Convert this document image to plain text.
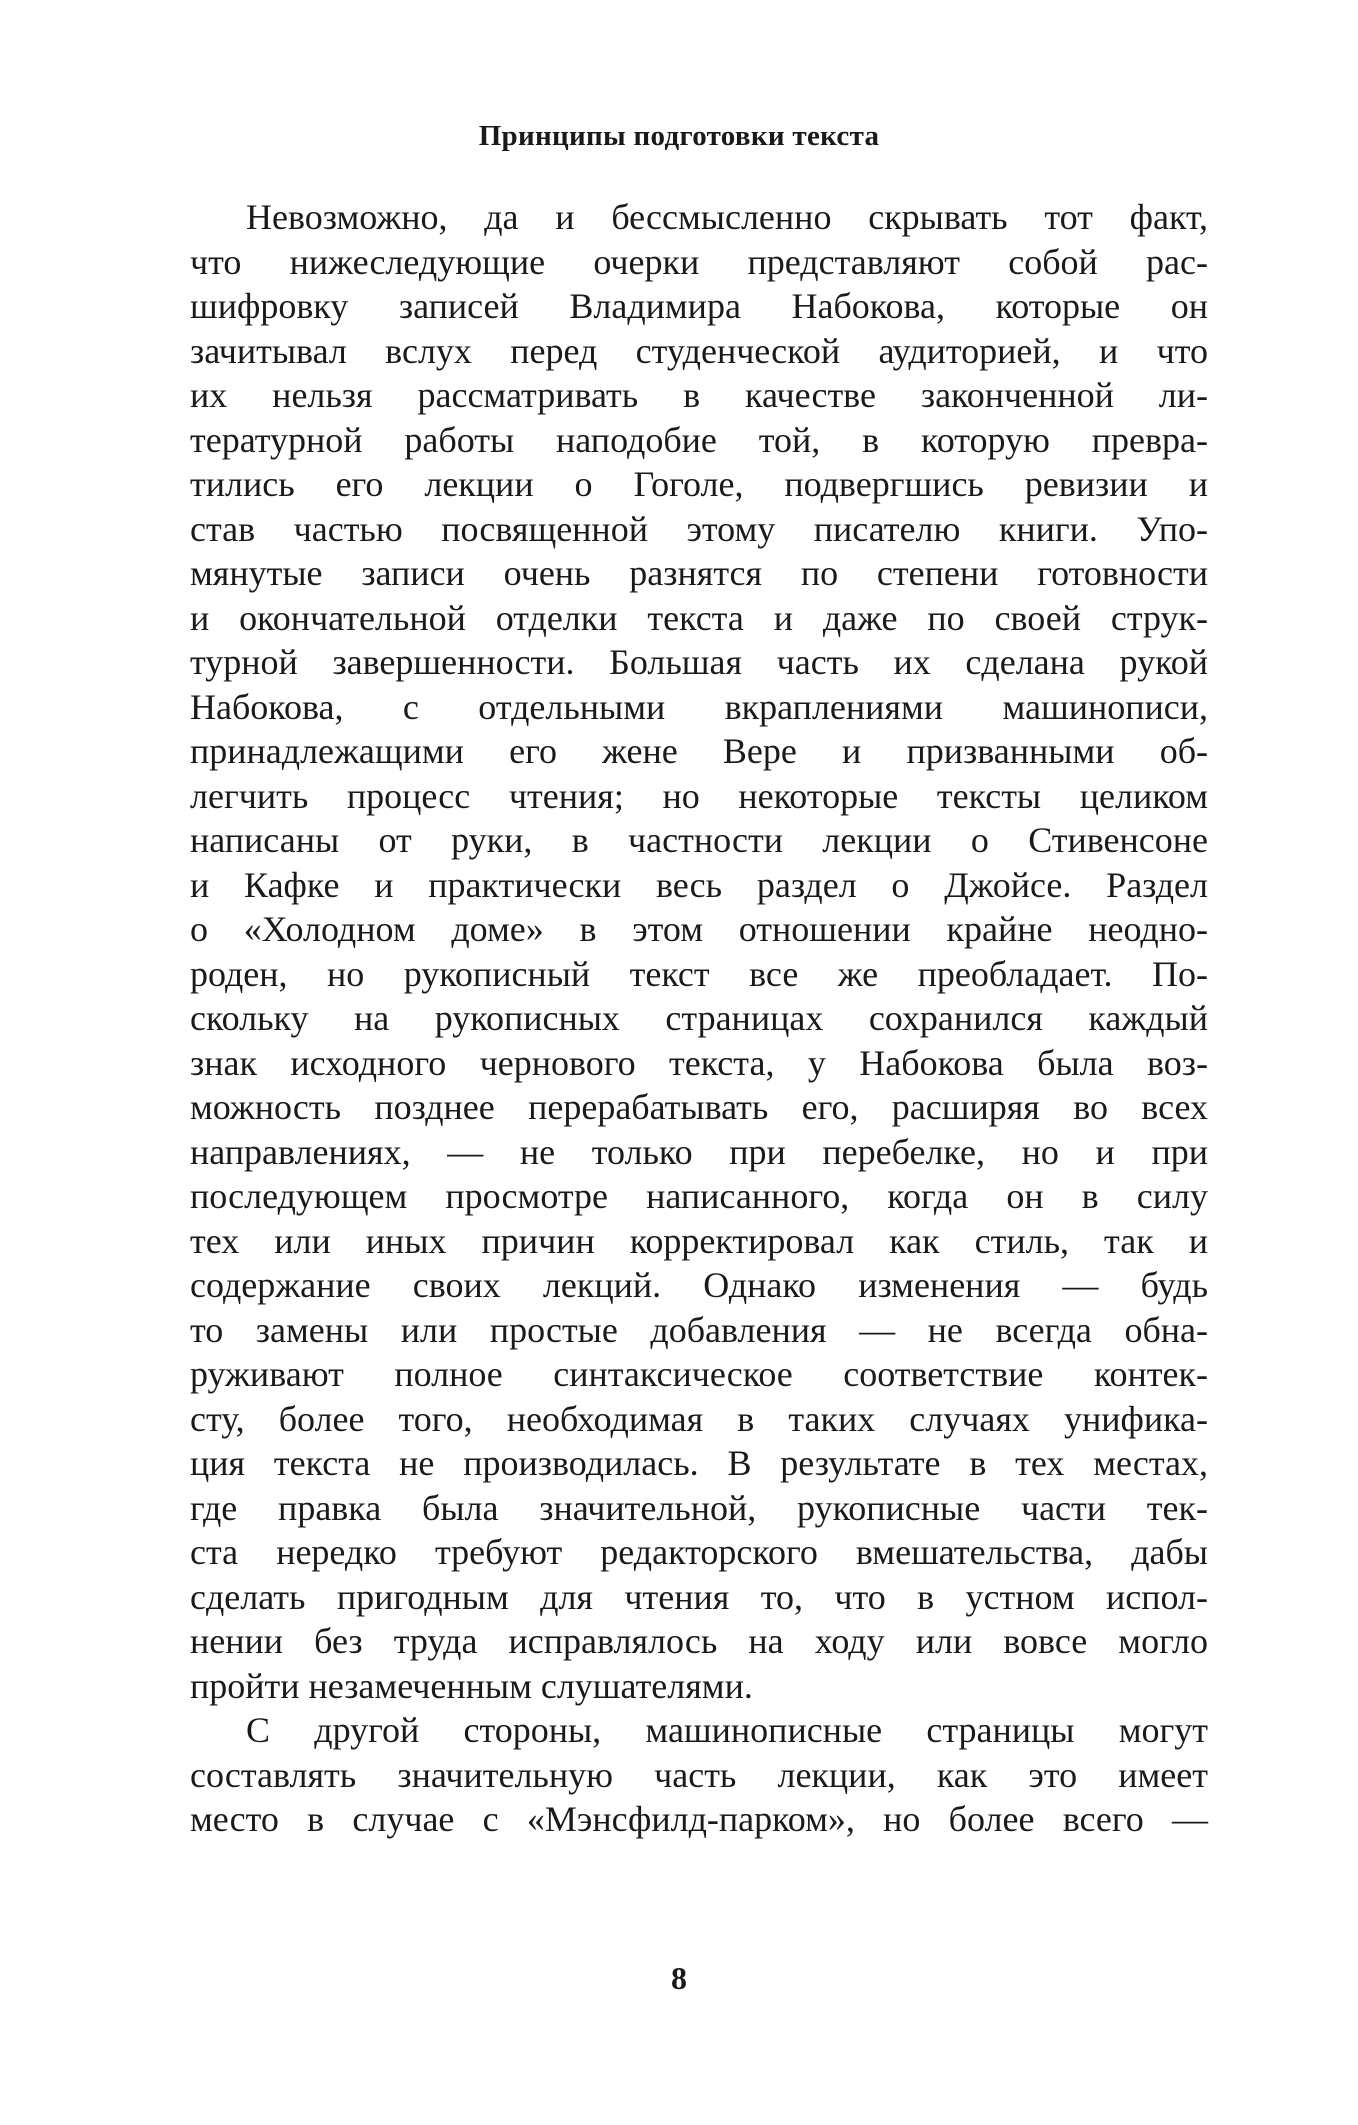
Принципы подготовки текста
Невозможно, да и бессмысленно скрывать тот факт,
что нижеследующие очерки представляют собой рас-
шифровку записей Владимира Набокова, которые он
зачитывал вслух перед студенческой аудиторией, и что
их нельзя рассматривать в качестве законченной ли-
тературной работы наподобие той, в которую превра-
тились его лекции о Гоголе, подвергшись ревизии и
став частью посвященной этому писателю книги. Упо-
мянутые записи очень разнятся по степени готовности
и окончательной отделки текста и даже по своей струк-
турной завершенности. Большая часть их сделана рукой
Набокова, с отдельными вкраплениями машинописи,
принадлежащими его жене Вере и призванными об-
легчить процесс чтения; но некоторые тексты целиком
написаны от руки, в частности лекции о Стивенсоне
и Кафке и практически весь раздел о Джойсе. Раздел
о «Холодном доме» в этом отношении крайне неодно-
роден, но рукописный текст все же преобладает. По-
скольку на рукописных страницах сохранился каждый
знак исходного чернового текста, у Набокова была воз-
можность позднее перерабатывать его, расширяя во всех
направлениях, — не только при перебелке, но и при
последующем просмотре написанного, когда он в силу
тех или иных причин корректировал как стиль, так и
содержание своих лекций. Однако изменения — будь
то замены или простые добавления — не всегда обна-
руживают полное синтаксическое соответствие контек-
сту, более того, необходимая в таких случаях унифика-
ция текста не производилась. В результате в тех местах,
где правка была значительной, рукописные части тек-
ста нередко требуют редакторского вмешательства, дабы
сделать пригодным для чтения то, что в устном испол-
нении без труда исправлялось на ходу или вовсе могло
пройти незамеченным слушателями.
С другой стороны, машинописные страницы могут
составлять значительную часть лекции, как это имеет
место в случае с «Мэнсфилд-парком», но более всего —
8
